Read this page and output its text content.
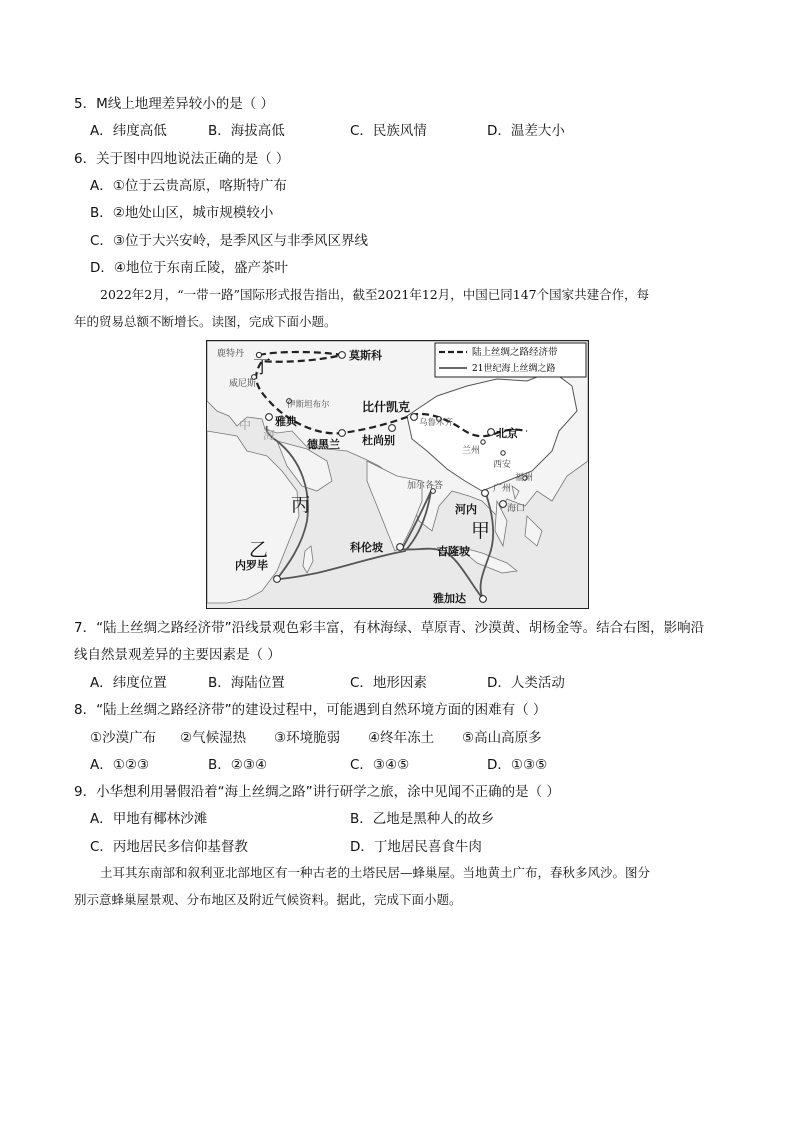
5．M线上地理差异较小的是（ ）
A．纬度高低	B．海拔高低	C．民族风情	D．温差大小
6．关于图中四地说法正确的是（ ）
A．①位于云贵高原，喀斯特广布
B．②地处山区，城市规模较小
C．③位于大兴安岭，是季风区与非季风区界线
D．④地位于东南丘陵，盛产茶叶
2022年2月，“一带一路”国际形式报告指出，截至2021年12月，中国已同147个国家共建合作，每
年的贸易总额不断增长。读图，完成下面小题。
陆上丝绸之路经济带
21世纪海上丝绸之路
鹿特丹	莫斯科
威尼斯
伊斯坦布尔
雅典
德黑兰 杜尚别
比什凯克
乌鲁木齐
北京
兰州
西安
加尔各答	广州
福州
海口
河内
科伦坡	吉隆坡
雅加达
内罗毕
丁
丙
乙
甲
中
海
7．“陆上丝绸之路经济带”沿线景观色彩丰富，有林海绿、草原青、沙漠黄、胡杨金等。结合右图，影响沿
线自然景观差异的主要因素是（ ）
A．纬度位置	B．海陆位置	C．地形因素	D．人类活动
8．“陆上丝绸之路经济带”的建设过程中，可能遇到自然环境方面的困难有（ ）
①沙漠广布 ②气候湿热 ③环境脆弱 ④终年冻土 ⑤高山高原多
A．①②③	B．②③④	C．③④⑤	D．①③⑤
9．小华想利用暑假沿着“海上丝绸之路”讲行研学之旅，涂中见闻不正确的是（ ）
A．甲地有椰林沙滩	B．乙地是黑种人的故乡
C．丙地居民多信仰基督教	D．丁地居民喜食牛肉
土耳其东南部和叙利亚北部地区有一种古老的土塔民居—蜂巢屋。当地黄土广布，春秋多风沙。图分
别示意蜂巢屋景观、分布地区及附近气候资料。据此，完成下面小题。
